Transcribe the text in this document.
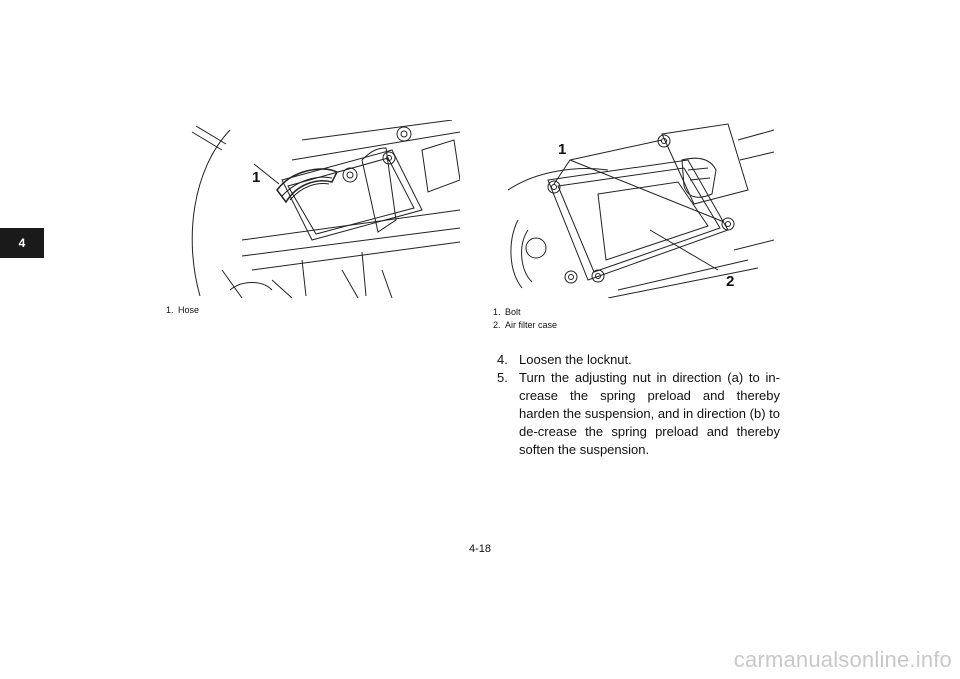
4
1
1. Hose
1
2
1. Bolt
2. Air filter case
4. Loosen the locknut.
5. Turn the adjusting nut in direction (a) to in-crease the spring preload and thereby harden the suspension, and in direction (b) to de-crease the spring preload and thereby soften the suspension.
4-18
carmanualsonline.info
